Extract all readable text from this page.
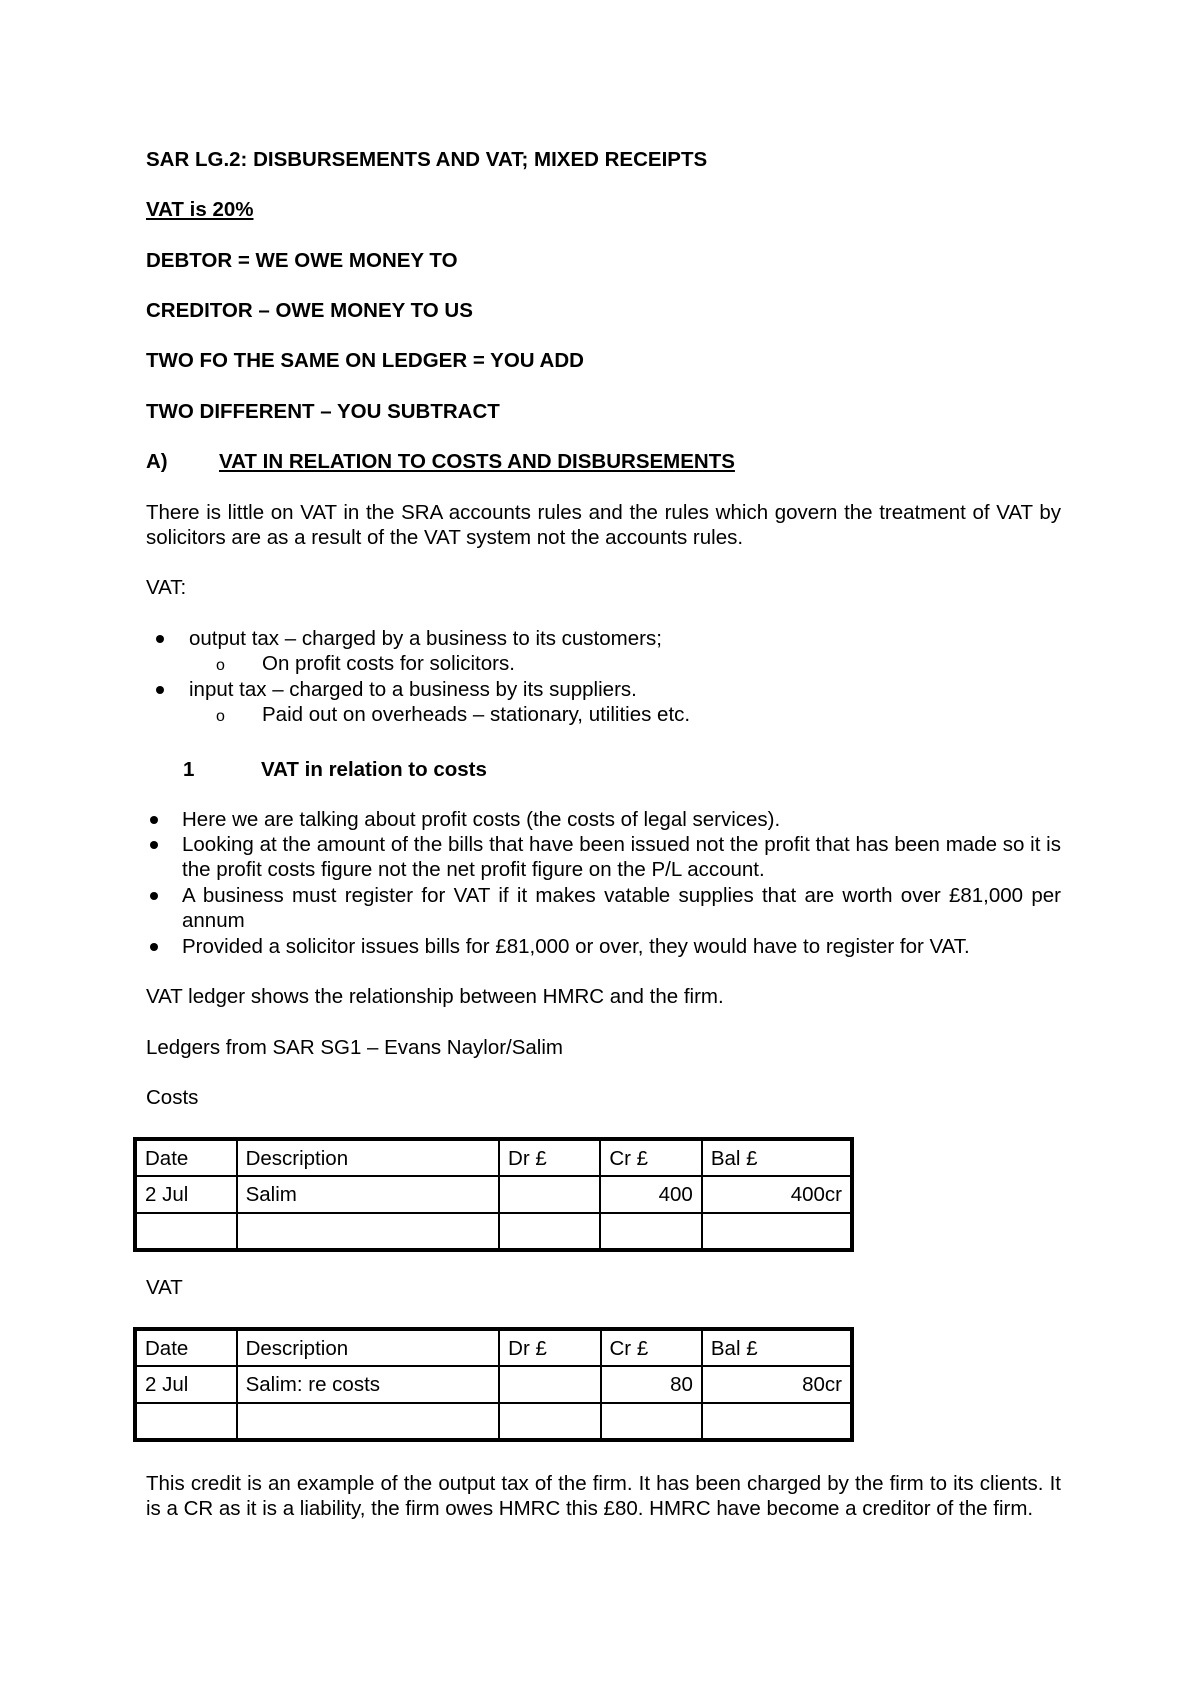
SAR LG.2: DISBURSEMENTS AND VAT; MIXED RECEIPTS
VAT is 20%
DEBTOR = WE OWE MONEY TO
CREDITOR – OWE MONEY TO US
TWO FO THE SAME ON LEDGER = YOU ADD
TWO DIFFERENT – YOU SUBTRACT
A)	VAT IN RELATION TO COSTS AND DISBURSEMENTS
There is little on VAT in the SRA accounts rules and the rules which govern the treatment of VAT by solicitors are as a result of the VAT system not the accounts rules.
VAT:
output tax – charged by a business to its customers;
o On profit costs for solicitors.
input tax – charged to a business by its suppliers.
o Paid out on overheads – stationary, utilities etc.
1	VAT in relation to costs
Here we are talking about profit costs (the costs of legal services).
Looking at the amount of the bills that have been issued not the profit that has been made so it is the profit costs figure not the net profit figure on the P/L account.
A business must register for VAT if it makes vatable supplies that are worth over £81,000 per annum
Provided a solicitor issues bills for £81,000 or over, they would have to register for VAT.
VAT ledger shows the relationship between HMRC and the firm.
Ledgers from SAR SG1 – Evans Naylor/Salim
Costs
Date	Description	Dr £	Cr £	Bal £
2 Jul	Salim		400	400cr

VAT
Date	Description	Dr £	Cr £	Bal £
2 Jul	Salim: re costs		80	80cr

This credit is an example of the output tax of the firm. It has been charged by the firm to its clients. It is a CR as it is a liability, the firm owes HMRC this £80. HMRC have become a creditor of the firm.
